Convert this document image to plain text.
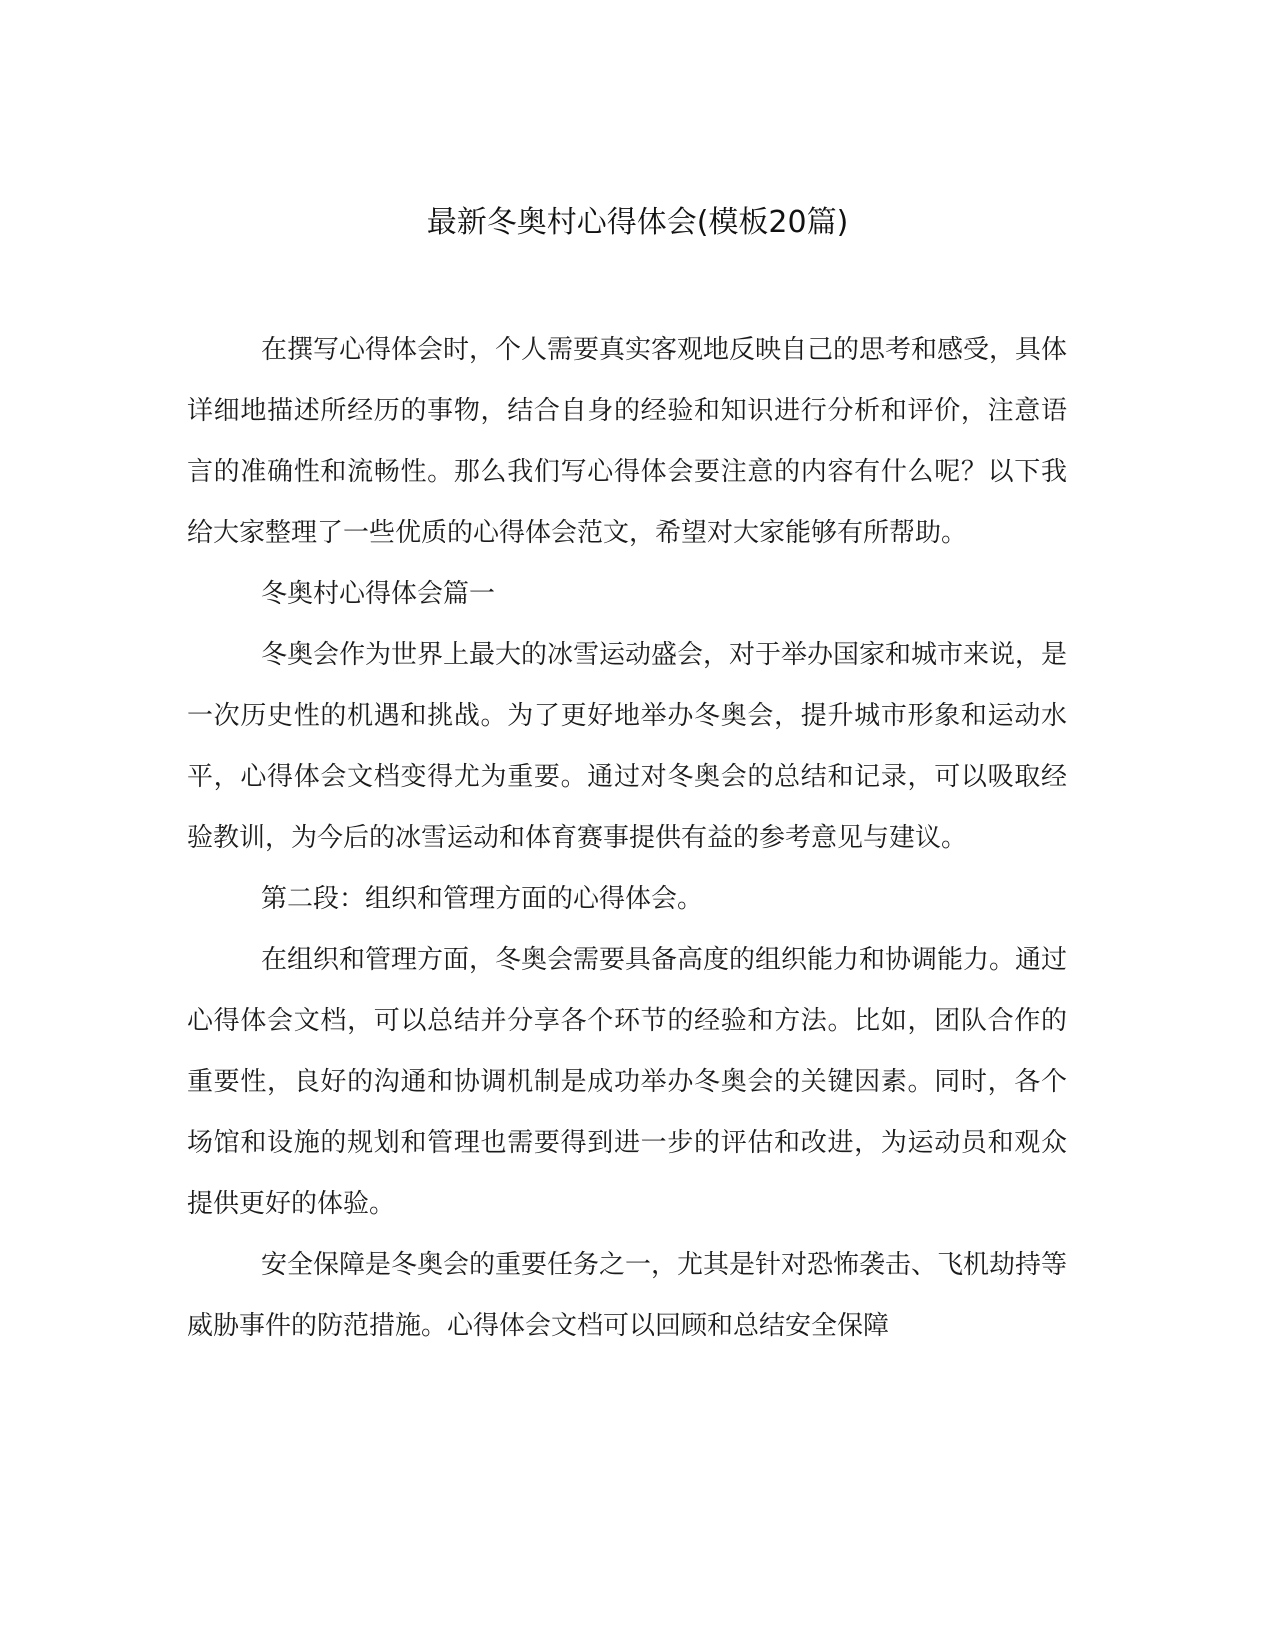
最新冬奥村心得体会(模板20篇)

在撰写心得体会时，个人需要真实客观地反映自己的思考和感受，具体详细地描述所经历的事物，结合自身的经验和知识进行分析和评价，注意语言的准确性和流畅性。那么我们写心得体会要注意的内容有什么呢？以下我给大家整理了一些优质的心得体会范文，希望对大家能够有所帮助。

冬奥村心得体会篇一

冬奥会作为世界上最大的冰雪运动盛会，对于举办国家和城市来说，是一次历史性的机遇和挑战。为了更好地举办冬奥会，提升城市形象和运动水平，心得体会文档变得尤为重要。通过对冬奥会的总结和记录，可以吸取经验教训，为今后的冰雪运动和体育赛事提供有益的参考意见与建议。

第二段：组织和管理方面的心得体会。

在组织和管理方面，冬奥会需要具备高度的组织能力和协调能力。通过心得体会文档，可以总结并分享各个环节的经验和方法。比如，团队合作的重要性，良好的沟通和协调机制是成功举办冬奥会的关键因素。同时，各个场馆和设施的规划和管理也需要得到进一步的评估和改进，为运动员和观众提供更好的体验。

安全保障是冬奥会的重要任务之一，尤其是针对恐怖袭击、飞机劫持等威胁事件的防范措施。心得体会文档可以回顾和总结安全保障
